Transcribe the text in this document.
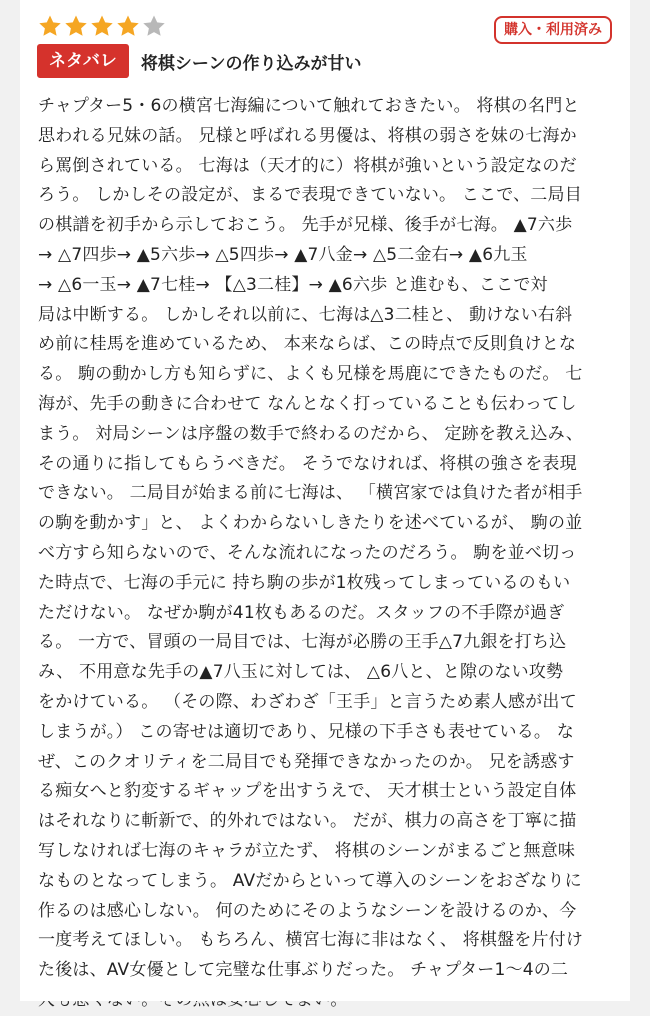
購入・利用済み
ネタバレ	将棋シーンの作り込みが甘い
チャプター5・6の横宮七海編について触れておきたい。 将棋の名門と
思われる兄妹の話。 兄様と呼ばれる男優は、将棋の弱さを妹の七海か
ら罵倒されている。 七海は（天才的に）将棋が強いという設定なのだ
ろう。 しかしその設定が、まるで表現できていない。 ここで、二局目
の棋譜を初手から示しておこう。 先手が兄様、後手が七海。 ▲7六歩
→ △7四歩→ ▲5六歩→ △5四歩→ ▲7八金→ △5二金右→ ▲6九玉
→ △6一玉→ ▲7七桂→ 【△3二桂】→ ▲6六歩 と進むも、ここで対
局は中断する。 しかしそれ以前に、七海は△3二桂と、 動けない右斜
め前に桂馬を進めているため、 本来ならば、この時点で反則負けとな
る。 駒の動かし方も知らずに、よくも兄様を馬鹿にできたものだ。 七
海が、先手の動きに合わせて なんとなく打っていることも伝わってし
まう。 対局シーンは序盤の数手で終わるのだから、 定跡を教え込み、
その通りに指してもらうべきだ。 そうでなければ、将棋の強さを表現
できない。 二局目が始まる前に七海は、 「横宮家では負けた者が相手
の駒を動かす」と、 よくわからないしきたりを述べているが、 駒の並
べ方すら知らないので、そんな流れになったのだろう。 駒を並べ切っ
た時点で、七海の手元に 持ち駒の歩が1枚残ってしまっているのもい
ただけない。 なぜか駒が41枚もあるのだ。スタッフの不手際が過ぎ
る。 一方で、冒頭の一局目では、七海が必勝の王手△7九銀を打ち込
み、 不用意な先手の▲7八玉に対しては、 △6八と、と隙のない攻勢
をかけている。 （その際、わざわざ「王手」と言うため素人感が出て
しまうが。） この寄せは適切であり、兄様の下手さも表せている。 な
ぜ、このクオリティを二局目でも発揮できなかったのか。 兄を誘惑す
る痴女へと豹変するギャップを出すうえで、 天才棋士という設定自体
はそれなりに斬新で、的外れではない。 だが、棋力の高さを丁寧に描
写しなければ七海のキャラが立たず、 将棋のシーンがまるごと無意味
なものとなってしまう。 AVだからといって導入のシーンをおざなりに
作るのは感心しない。 何のためにそのようなシーンを設けるのか、今
一度考えてほしい。 もちろん、横宮七海に非はなく、 将棋盤を片付け
た後は、AV女優として完璧な仕事ぶりだった。 チャプター1〜4の二
